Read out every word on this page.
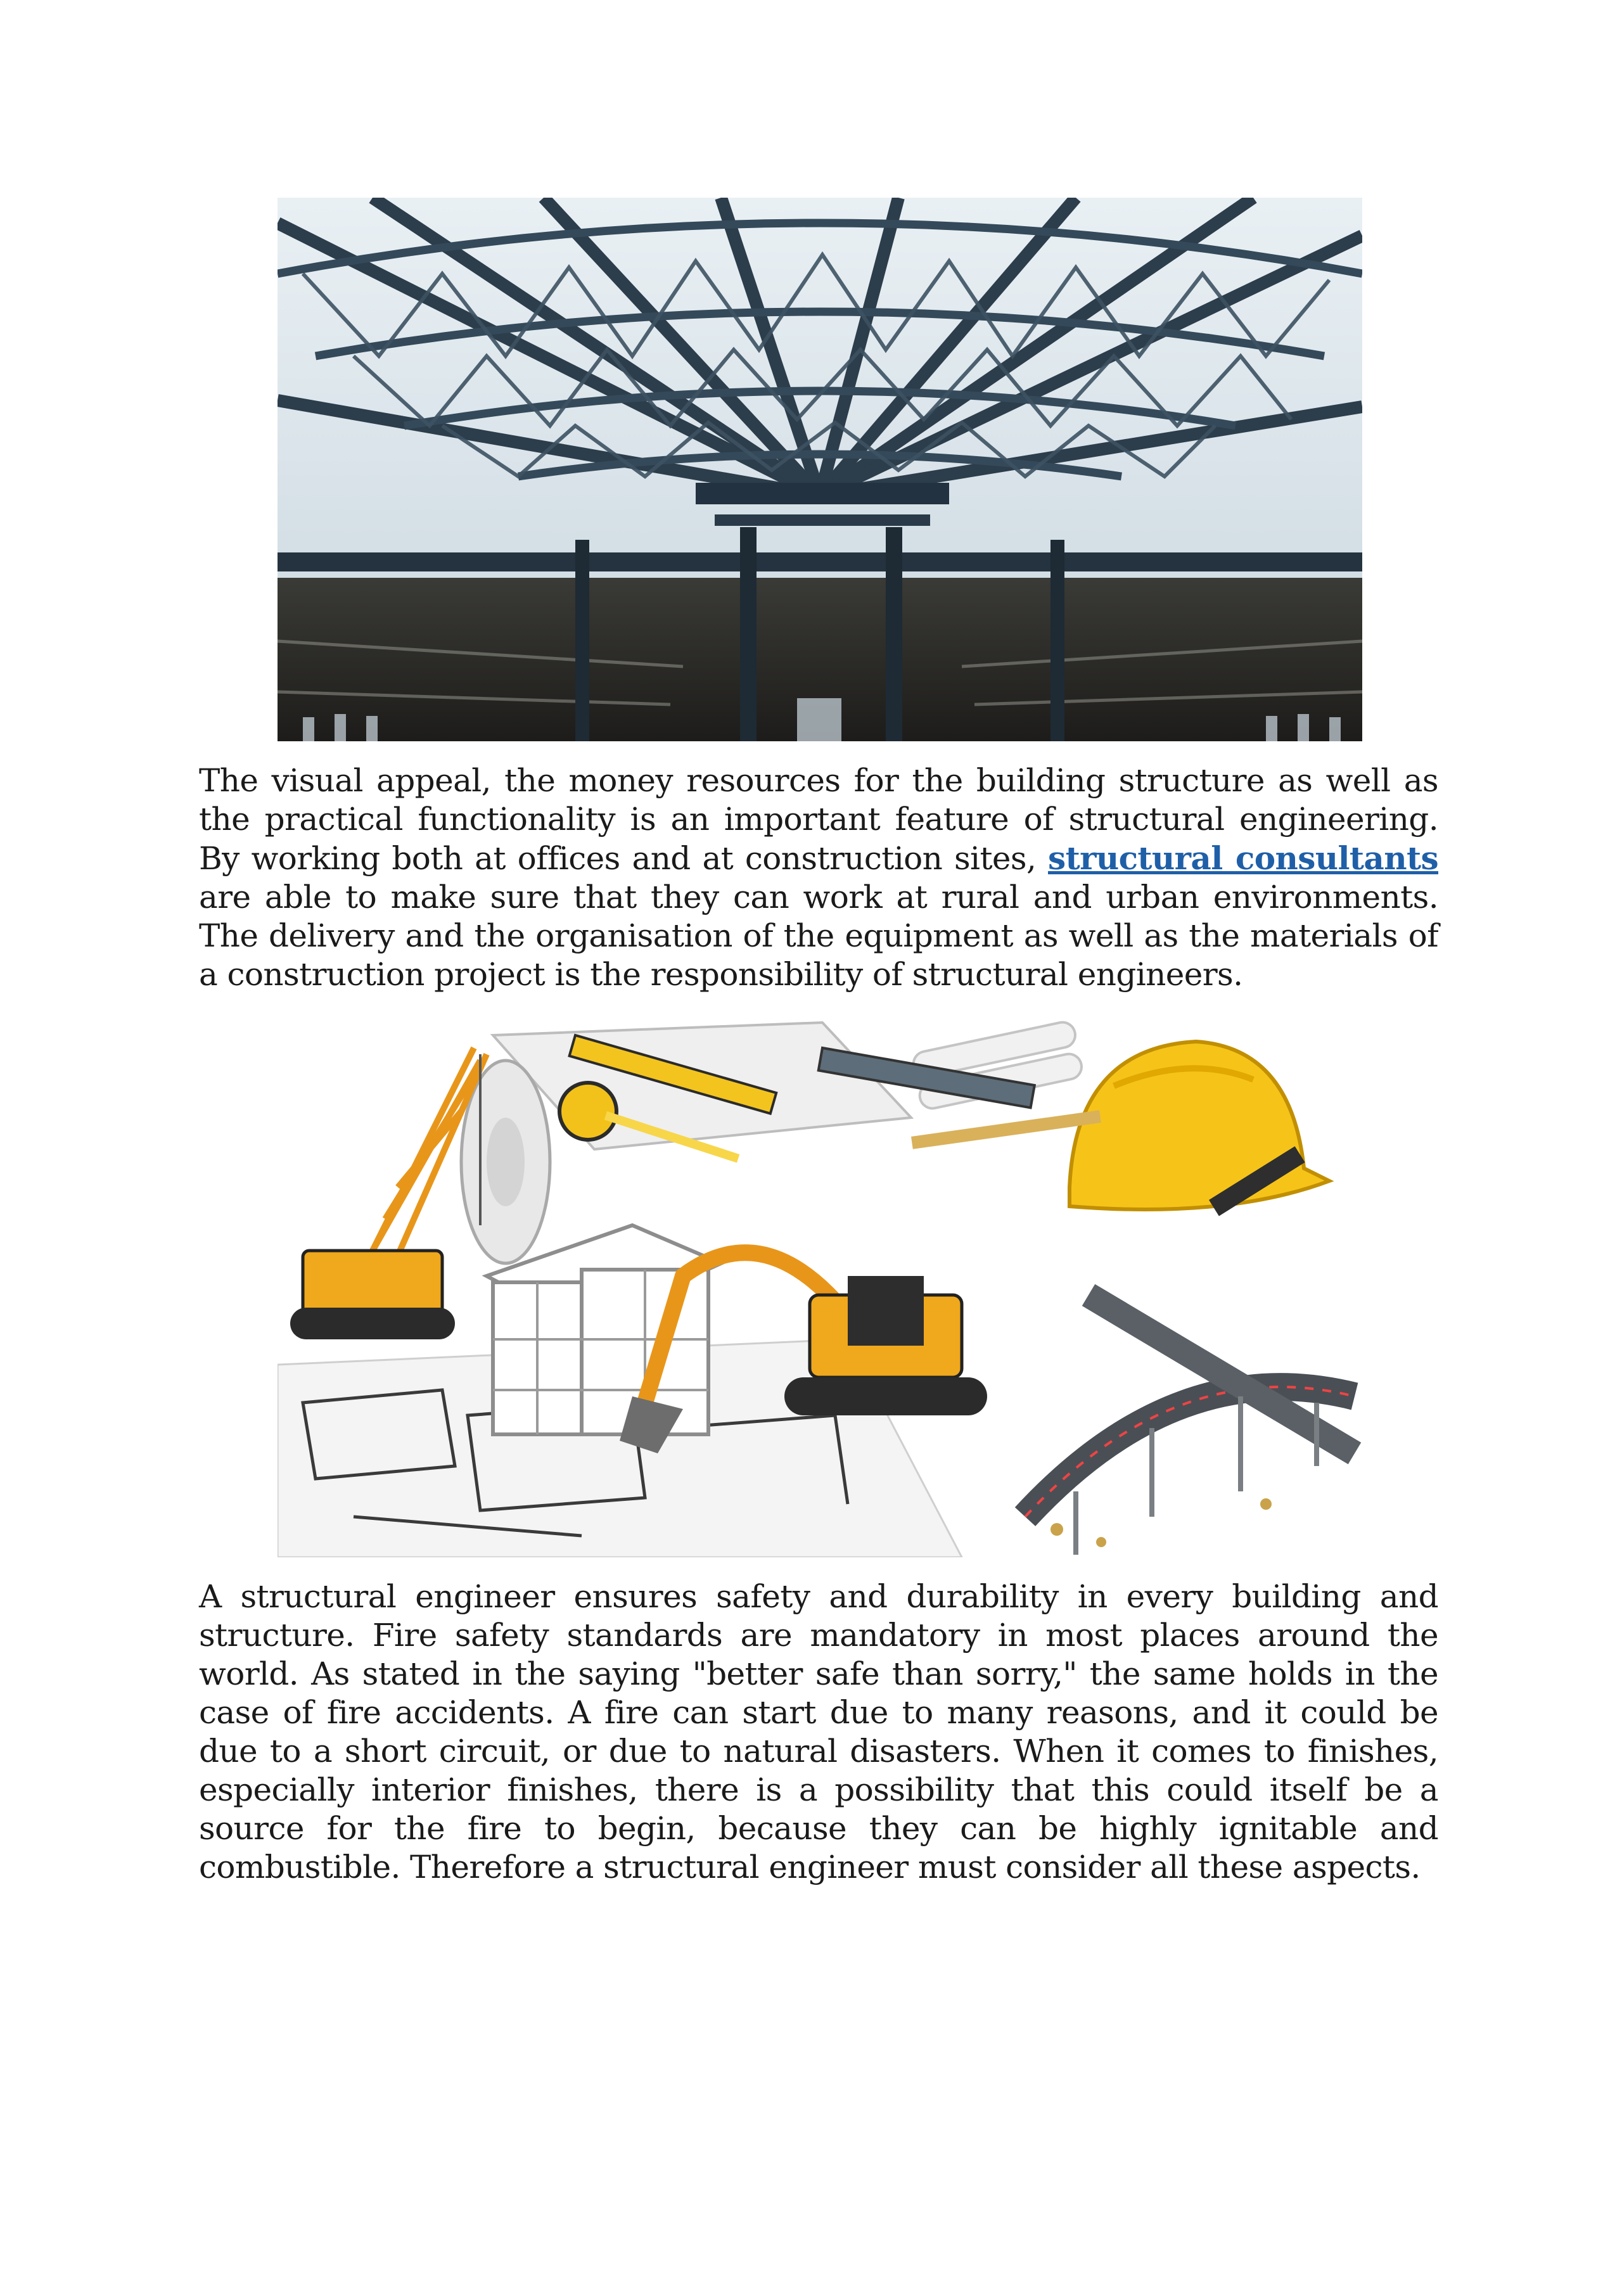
The visual appeal, the money resources for the building structure as well as the practical functionality is an important feature of structural engineering. By working both at offices and at construction sites, structural consultants are able to make sure that they can work at rural and urban environments. The delivery and the organisation of the equipment as well as the materials of a construction project is the responsibility of structural engineers.

A structural engineer ensures safety and durability in every building and structure. Fire safety standards are mandatory in most places around the world. As stated in the saying "better safe than sorry," the same holds in the case of fire accidents. A fire can start due to many reasons, and it could be due to a short circuit, or due to natural disasters. When it comes to finishes, especially interior finishes, there is a possibility that this could itself be a source for the fire to begin, because they can be highly ignitable and combustible. Therefore a structural engineer must consider all these aspects.
